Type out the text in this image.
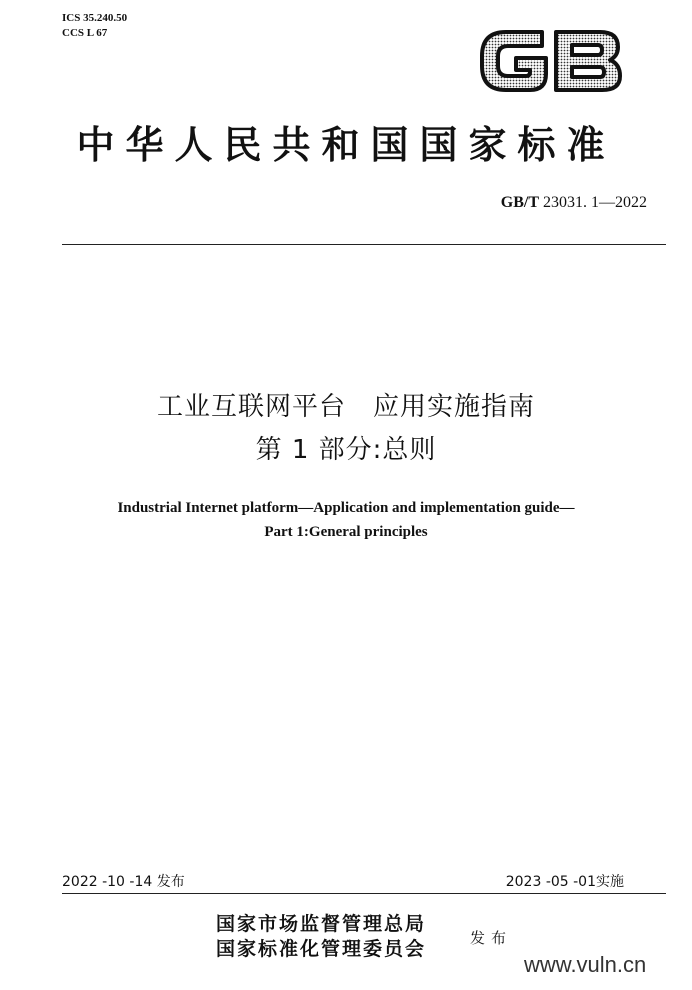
ICS 35.240.50
CCS L 67
中华人民共和国国家标准
GB/T 23031. 1—2022
工业互联网平台　应用实施指南
第 1 部分:总则
Industrial Internet platform—Application and implementation guide—
Part 1:General principles
2022 -10 -14 发布	2023 -05 -01实施
国家市场监督管理总局
国家标准化管理委员会	发布
www.vuln.cn
